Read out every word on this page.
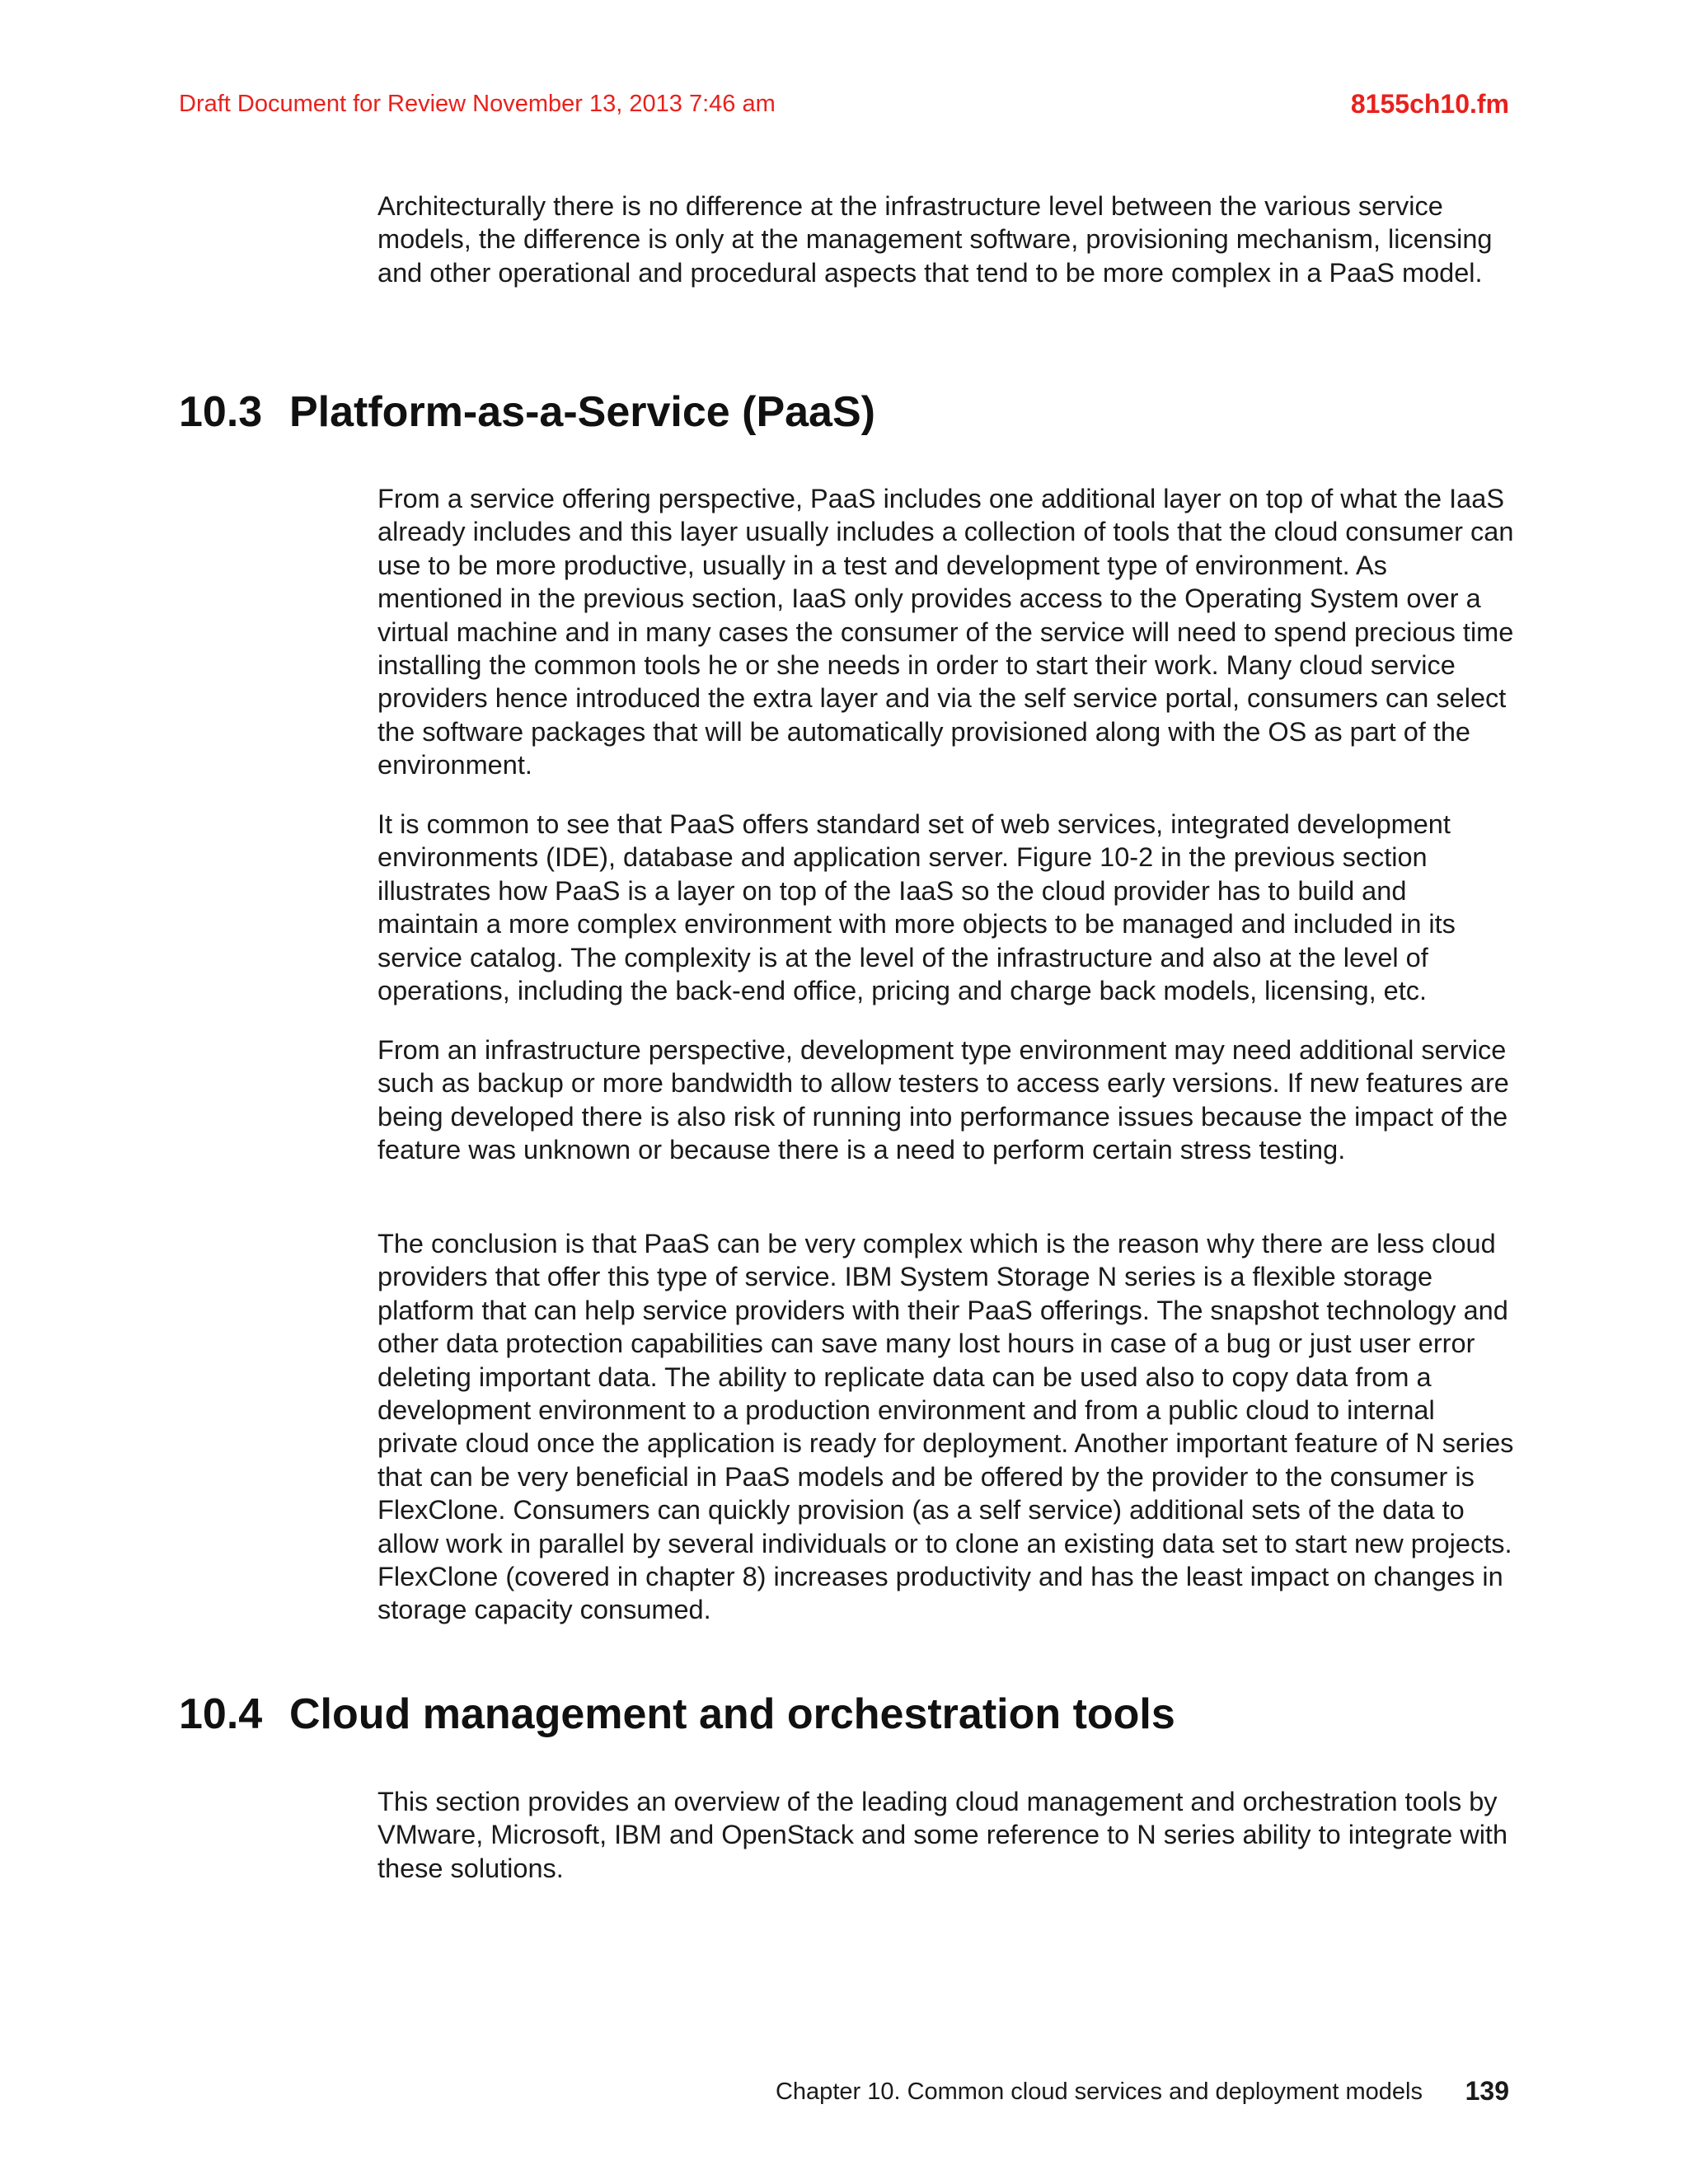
Draft Document for Review November 13, 2013 7:46 am	8155ch10.fm

Architecturally there is no difference at the infrastructure level between the various service models, the difference is only at the management software, provisioning mechanism, licensing and other operational and procedural aspects that tend to be more complex in a PaaS model.

10.3 Platform-as-a-Service (PaaS)

From a service offering perspective, PaaS includes one additional layer on top of what the IaaS already includes and this layer usually includes a collection of tools that the cloud consumer can use to be more productive, usually in a test and development type of environment. As mentioned in the previous section, IaaS only provides access to the Operating System over a virtual machine and in many cases the consumer of the service will need to spend precious time installing the common tools he or she needs in order to start their work. Many cloud service providers hence introduced the extra layer and via the self service portal, consumers can select the software packages that will be automatically provisioned along with the OS as part of the environment.

It is common to see that PaaS offers standard set of web services, integrated development environments (IDE), database and application server. Figure 10-2 in the previous section illustrates how PaaS is a layer on top of the IaaS so the cloud provider has to build and maintain a more complex environment with more objects to be managed and included in its service catalog. The complexity is at the level of the infrastructure and also at the level of operations, including the back-end office, pricing and charge back models, licensing, etc.

From an infrastructure perspective, development type environment may need additional service such as backup or more bandwidth to allow testers to access early versions. If new features are being developed there is also risk of running into performance issues because the impact of the feature was unknown or because there is a need to perform certain stress testing.

The conclusion is that PaaS can be very complex which is the reason why there are less cloud providers that offer this type of service. IBM System Storage N series is a flexible storage platform that can help service providers with their PaaS offerings. The snapshot technology and other data protection capabilities can save many lost hours in case of a bug or just user error deleting important data. The ability to replicate data can be used also to copy data from a development environment to a production environment and from a public cloud to internal private cloud once the application is ready for deployment. Another important feature of N series that can be very beneficial in PaaS models and be offered by the provider to the consumer is FlexClone. Consumers can quickly provision (as a self service) additional sets of the data to allow work in parallel by several individuals or to clone an existing data set to start new projects. FlexClone (covered in chapter 8) increases productivity and has the least impact on changes in storage capacity consumed.

10.4 Cloud management and orchestration tools

This section provides an overview of the leading cloud management and orchestration tools by VMware, Microsoft, IBM and OpenStack and some reference to N series ability to integrate with these solutions.

Chapter 10. Common cloud services and deployment models 139
